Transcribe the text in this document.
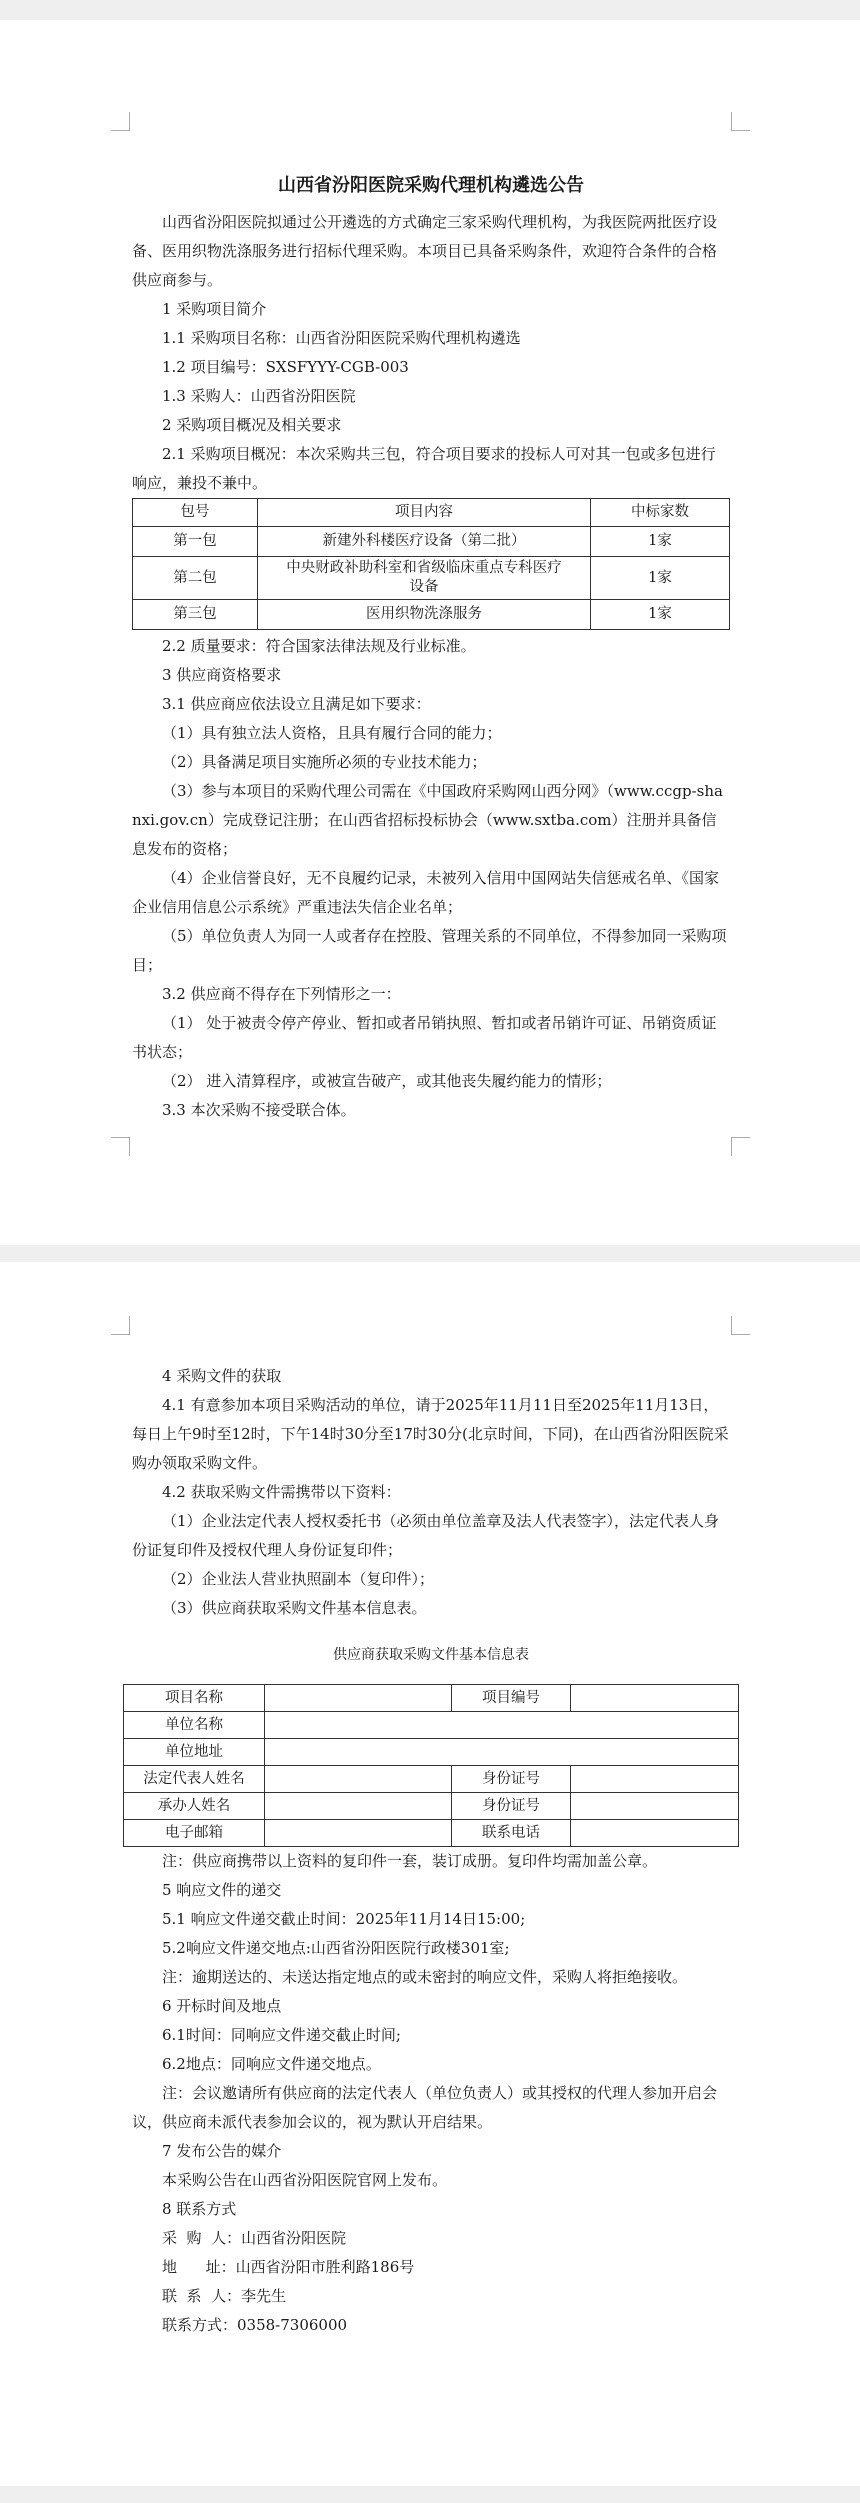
山西省汾阳医院采购代理机构遴选公告

山西省汾阳医院拟通过公开遴选的方式确定三家采购代理机构，为我医院两批医疗设备、医用织物洗涤服务进行招标代理采购。本项目已具备采购条件，欢迎符合条件的合格供应商参与。

1 采购项目简介

1.1 采购项目名称：山西省汾阳医院采购代理机构遴选

1.2 项目编号：SXSFYYY-CGB-003

1.3 采购人：山西省汾阳医院

2 采购项目概况及相关要求

2.1 采购项目概况：本次采购共三包，符合项目要求的投标人可对其一包或多包进行响应，兼投不兼中。

包号	项目内容	中标家数
第一包	新建外科楼医疗设备（第二批）	1家
第二包	中央财政补助科室和省级临床重点专科医疗设备	1家
第三包	医用织物洗涤服务	1家

2.2 质量要求：符合国家法律法规及行业标准。

3 供应商资格要求

3.1 供应商应依法设立且满足如下要求：

（1）具有独立法人资格，且具有履行合同的能力；

（2）具备满足项目实施所必须的专业技术能力；

（3）参与本项目的采购代理公司需在《中国政府采购网山西分网》（www.ccgp-shanxi.gov.cn）完成登记注册；在山西省招标投标协会（www.sxtba.com）注册并具备信息发布的资格；

（4）企业信誉良好，无不良履约记录，未被列入信用中国网站失信惩戒名单、《国家企业信用信息公示系统》严重违法失信企业名单；

（5）单位负责人为同一人或者存在控股、管理关系的不同单位，不得参加同一采购项目；

3.2 供应商不得存在下列情形之一：

（1） 处于被责令停产停业、暂扣或者吊销执照、暂扣或者吊销许可证、吊销资质证书状态；

（2） 进入清算程序，或被宣告破产，或其他丧失履约能力的情形；

3.3 本次采购不接受联合体。

4 采购文件的获取

4.1 有意参加本项目采购活动的单位，请于2025年11月11日至2025年11月13日，每日上午9时至12时，下午14时30分至17时30分(北京时间，下同)，在山西省汾阳医院采购办领取采购文件。

4.2 获取采购文件需携带以下资料：

（1）企业法定代表人授权委托书（必须由单位盖章及法人代表签字），法定代表人身份证复印件及授权代理人身份证复印件；

（2）企业法人营业执照副本（复印件）；

（3）供应商获取采购文件基本信息表。

供应商获取采购文件基本信息表
项目名称		项目编号	
单位名称			
单位地址			
法定代表人姓名		身份证号	
承办人姓名		身份证号	
电子邮箱		联系电话	

注：供应商携带以上资料的复印件一套，装订成册。复印件均需加盖公章。

5 响应文件的递交

5.1 响应文件递交截止时间：2025年11月14日15:00;

5.2响应文件递交地点:山西省汾阳医院行政楼301室;

注：逾期送达的、未送达指定地点的或未密封的响应文件，采购人将拒绝接收。

6 开标时间及地点

6.1时间：同响应文件递交截止时间;

6.2地点：同响应文件递交地点。

注：会议邀请所有供应商的法定代表人（单位负责人）或其授权的代理人参加开启会议，供应商未派代表参加会议的，视为默认开启结果。

7 发布公告的媒介

本采购公告在山西省汾阳医院官网上发布。

8 联系方式

采  购  人：山西省汾阳医院

地      址：山西省汾阳市胜利路186号

联  系  人：李先生

联系方式：0358-7306000
